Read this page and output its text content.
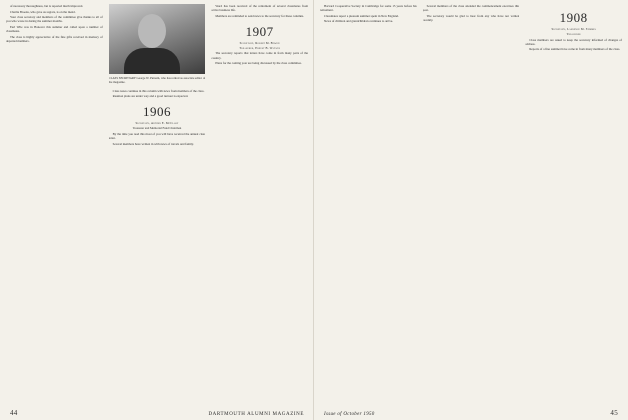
of necessary thoroughness, but is reported much improved.

Charlie Brooks, who gave us regrets, is on the mend.

Your class secretary and members of the committee give thanks to all of you who wrote in during the summer months.

Earl Wile was in Hanover this summer and called upon a number of classmates.

The class is highly appreciative of the fine gifts received in memory of departed members.

CLASS SECRETARY George W. Putnam, who has retired as associate editor of the magazine.

Class notes continue in this column with news from members of the class.

Reunion plans are under way and a good turnout is expected.

1906
Secretary, Arthur E. McClary
Treasurer and Memorial Fund Chairman

By the time you read this most of you will have received the annual class letter.

Several members have written in with news of travels and family.

Word has been received of the retirement of several classmates from active business life.

Members are reminded to send news to the secretary for these columns.

1907
Secretary, Robert M. Bowen
Treasurer, Ernest B. Watson

The secretary reports that letters have come in from many parts of the country.

Plans for the coming year are being discussed by the class committee.

44	DARTMOUTH ALUMNI MAGAZINE

Harvard Cooperative Society in Cambridge for some 15 years before his retirement.

Classmates report a pleasant summer spent in New England.

News of children and grandchildren continues to arrive.

Several members of the class attended the commencement exercises this year.

The secretary would be glad to hear from any who have not written recently.	1908
Secretary, Laurence M. Symmes
Treasurer

Class members are asked to keep the secretary informed of changes of address.

Reports of a fine summer have come in from many members of the class.

Issue of October 1950	45
